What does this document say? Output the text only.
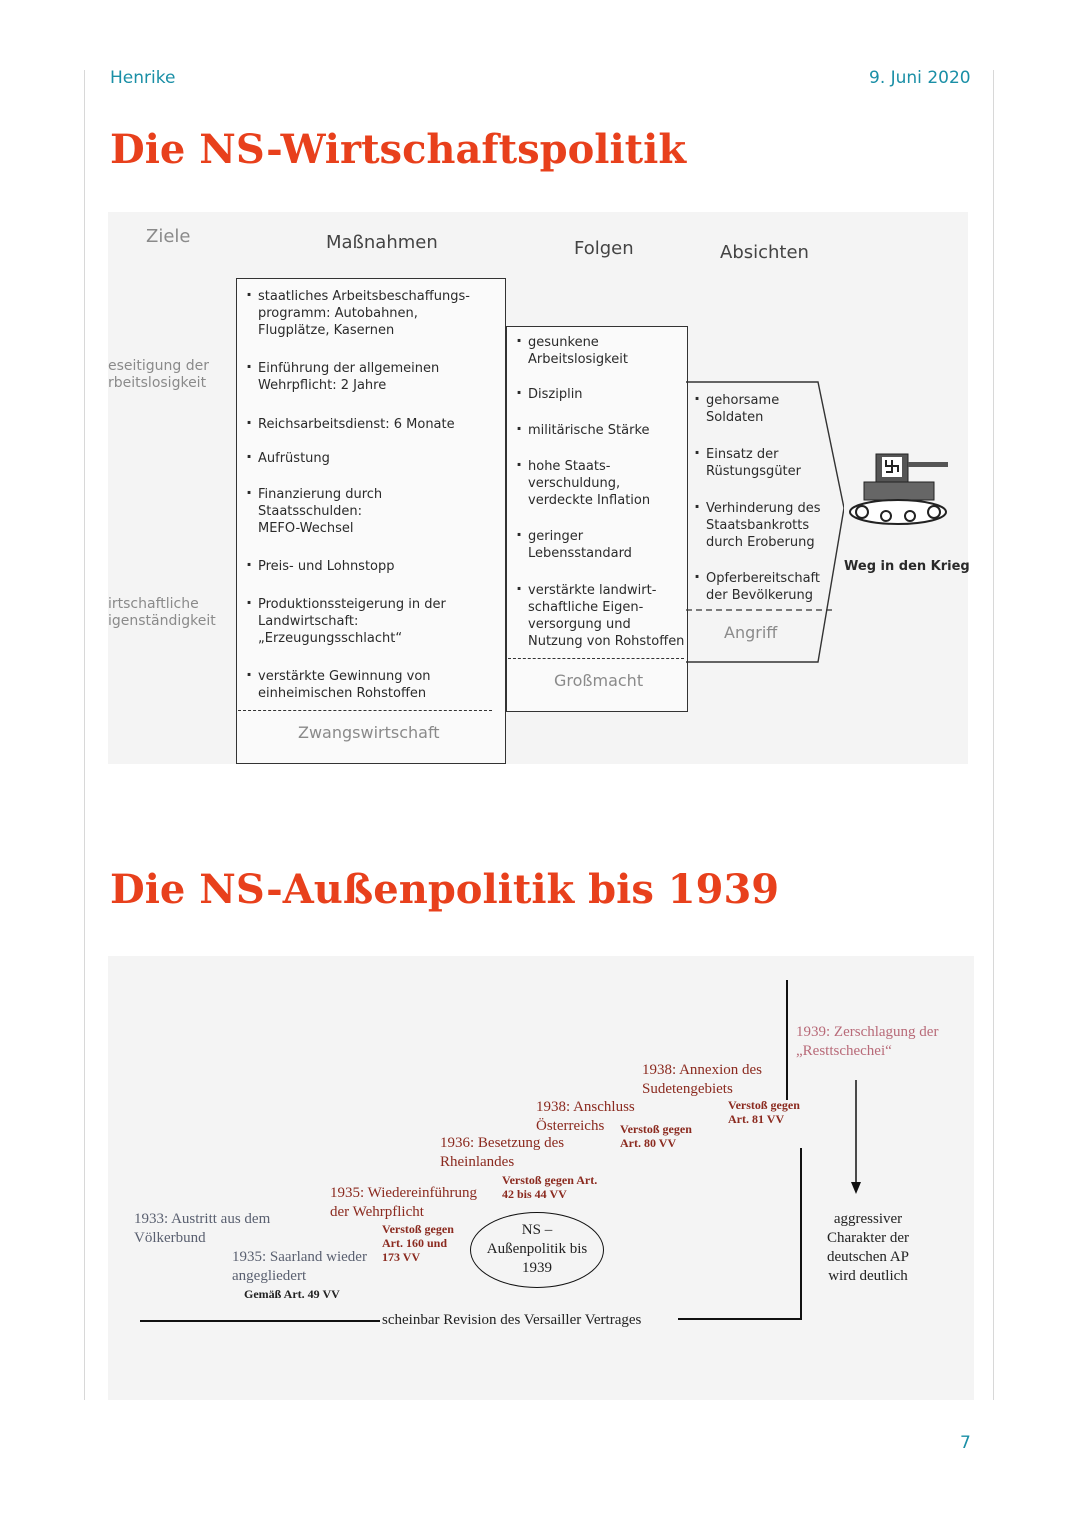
Henrike	9. Juni 2020
Die NS-Wirtschaftspolitik
Ziele	Maßnahmen	Folgen	Absichten
eseitigung der
rbeitslosigkeit
irtschaftliche
igenständigkeit
· staatliches Arbeitsbeschaffungs-
programm: Autobahnen,
Flugplätze, Kasernen
· Einführung der allgemeinen
Wehrpflicht: 2 Jahre
· Reichsarbeitsdienst: 6 Monate
· Aufrüstung
· Finanzierung durch
Staatsschulden:
MEFO-Wechsel
· Preis- und Lohnstopp
· Produktionssteigerung in der
Landwirtschaft:
„Erzeugungsschlacht“
· verstärkte Gewinnung von
einheimischen Rohstoffen
Zwangswirtschaft
· gesunkene
Arbeitslosigkeit
· Disziplin
· militärische Stärke
· hohe Staats-
verschuldung,
verdeckte Inflation
· geringer
Lebensstandard
· verstärkte landwirt-
schaftliche Eigen-
versorgung und
Nutzung von Rohstoffen
Großmacht
· gehorsame
Soldaten
· Einsatz der
Rüstungsgüter
· Verhinderung des
Staatsbankrotts
durch Eroberung
· Opferbereitschaft
der Bevölkerung
Angriff
Weg in den Krieg
Die NS-Außenpolitik bis 1939
scheinbar Revision des Versailler Vertrages
1933: Austritt aus dem
Völkerbund
1935: Saarland wieder
angegliedert
Gemäß Art. 49 VV
1935: Wiedereinführung
der Wehrpflicht
Verstoß gegen
Art. 160 und
173 VV
1936: Besetzung des
Rheinlandes
Verstoß gegen Art.
42 bis 44 VV
1938: Anschluss
Österreichs	Verstoß gegen
Art. 80 VV
1938: Annexion des
Sudetengebiets
Verstoß gegen
Art. 81 VV
1939: Zerschlagung der
„Resttschechei“
NS –
Außenpolitik bis
1939
aggressiver
Charakter der
deutschen AP
wird deutlich
7
